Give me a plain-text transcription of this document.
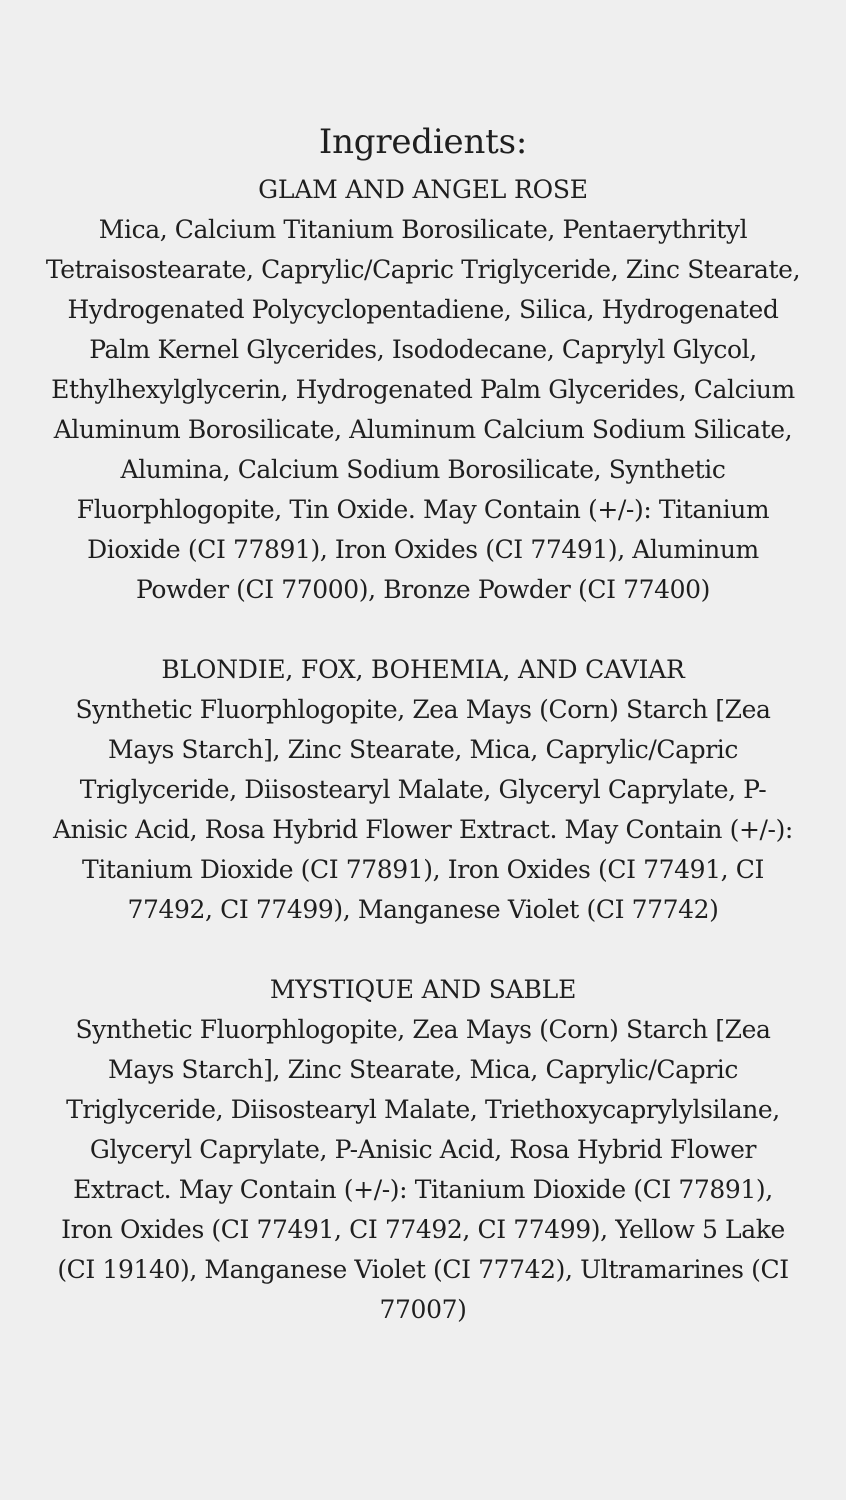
Ingredients:

GLAM AND ANGEL ROSE

Mica, Calcium Titanium Borosilicate, Pentaerythrityl Tetraisostearate, Caprylic/Capric Triglyceride, Zinc Stearate, Hydrogenated Polycyclopentadiene, Silica, Hydrogenated Palm Kernel Glycerides, Isododecane, Caprylyl Glycol, Ethylhexylglycerin, Hydrogenated Palm Glycerides, Calcium Aluminum Borosilicate, Aluminum Calcium Sodium Silicate, Alumina, Calcium Sodium Borosilicate, Synthetic Fluorphlogopite, Tin Oxide. May Contain (+/-): Titanium Dioxide (CI 77891), Iron Oxides (CI 77491), Aluminum Powder (CI 77000), Bronze Powder (CI 77400)

BLONDIE, FOX, BOHEMIA, AND CAVIAR

Synthetic Fluorphlogopite, Zea Mays (Corn) Starch [Zea Mays Starch], Zinc Stearate, Mica, Caprylic/Capric Triglyceride, Diisostearyl Malate, Glyceryl Caprylate, P-Anisic Acid, Rosa Hybrid Flower Extract. May Contain (+/-): Titanium Dioxide (CI 77891), Iron Oxides (CI 77491, CI 77492, CI 77499), Manganese Violet (CI 77742)

MYSTIQUE AND SABLE

Synthetic Fluorphlogopite, Zea Mays (Corn) Starch [Zea Mays Starch], Zinc Stearate, Mica, Caprylic/Capric Triglyceride, Diisostearyl Malate, Triethoxycaprylylsilane, Glyceryl Caprylate, P-Anisic Acid, Rosa Hybrid Flower Extract. May Contain (+/-): Titanium Dioxide (CI 77891), Iron Oxides (CI 77491, CI 77492, CI 77499), Yellow 5 Lake (CI 19140), Manganese Violet (CI 77742), Ultramarines (CI 77007)
